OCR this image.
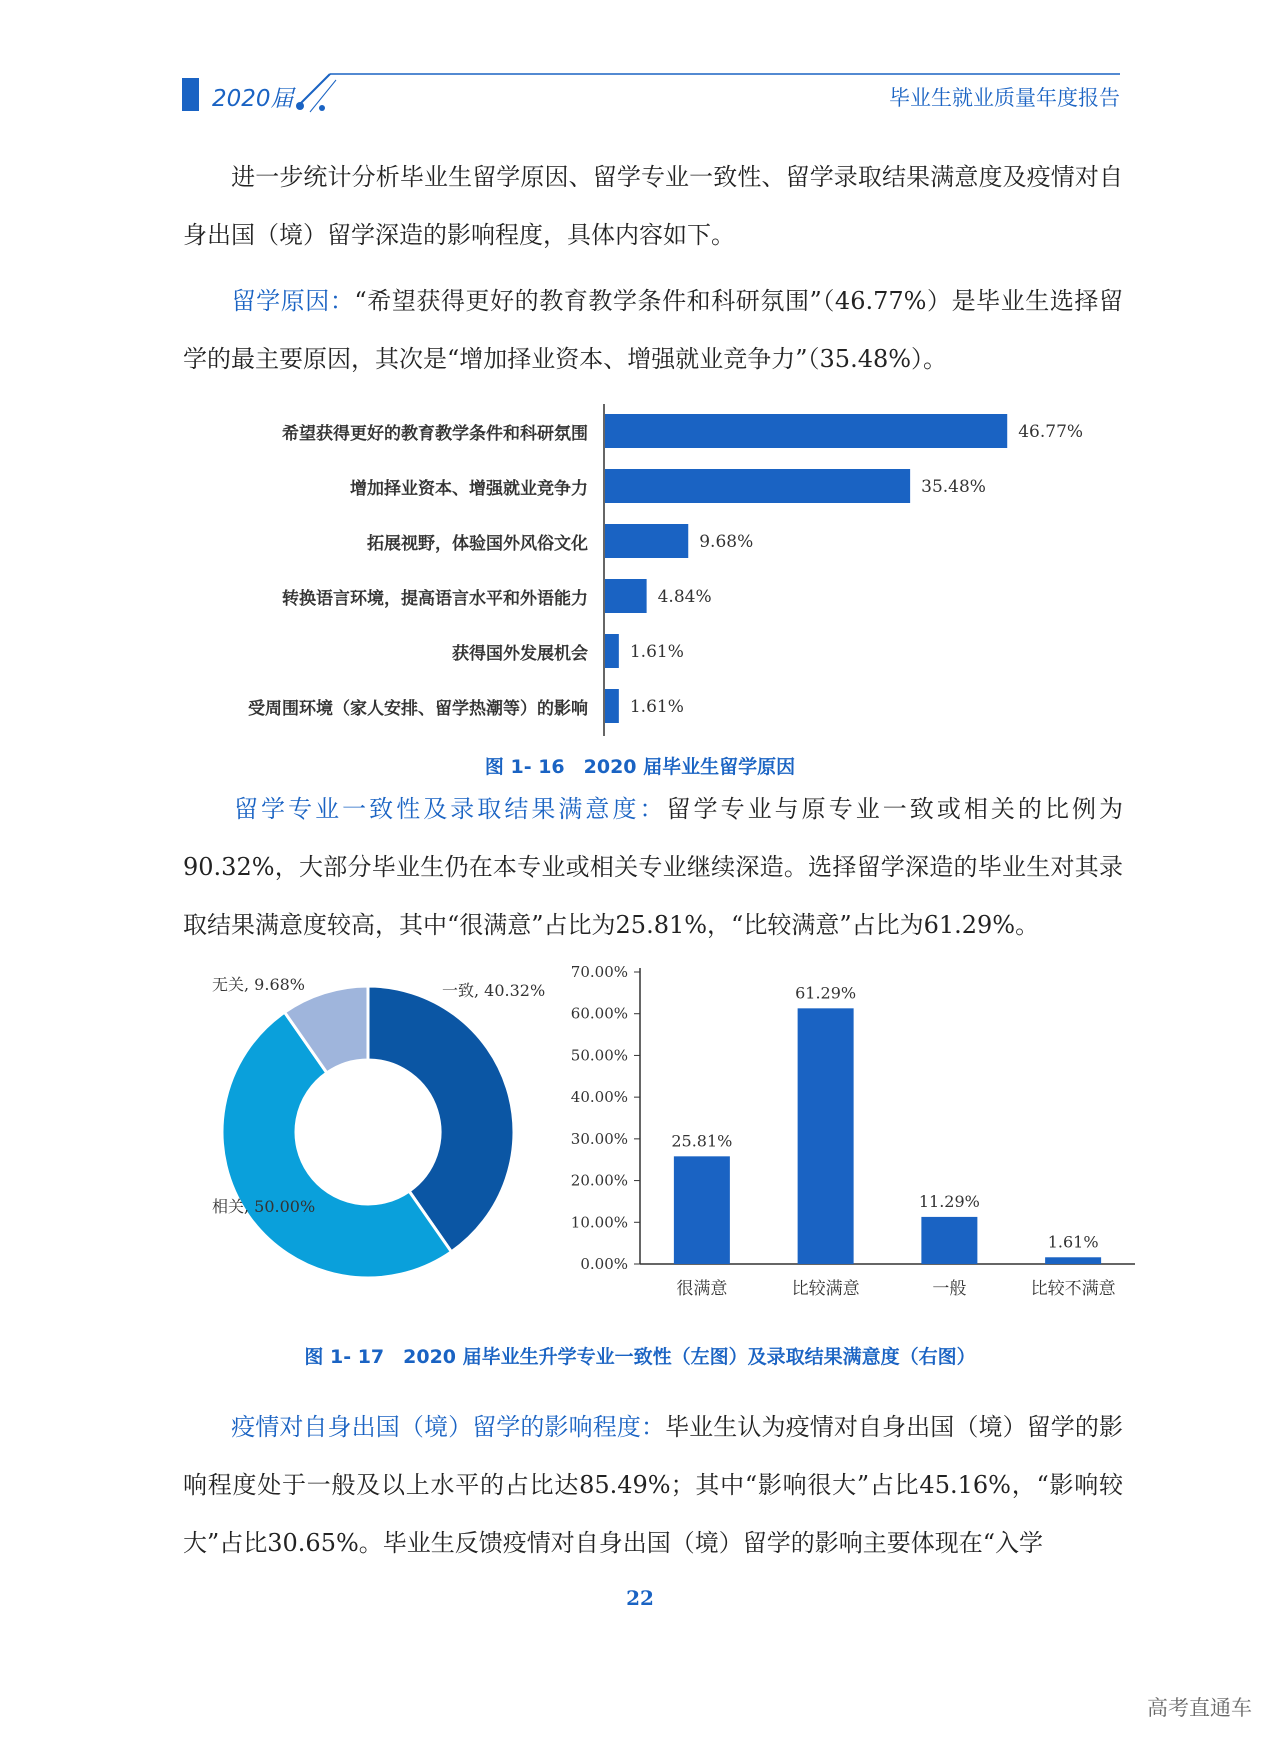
2020届	毕业生就业质量年度报告
进一步统计分析毕业生留学原因、留学专业一致性、留学录取结果满意度及疫情对自身出国（境）留学深造的影响程度，具体内容如下。
留学原因：“希望获得更好的教育教学条件和科研氛围”（46.77%）是毕业生选择留学的最主要原因，其次是“增加择业资本、增强就业竞争力”（35.48%）。
希望获得更好的教育教学条件和科研氛围
增加择业资本、增强就业竞争力
拓展视野，体验国外风俗文化
转换语言环境，提高语言水平和外语能力
获得国外发展机会
受周围环境（家人安排、留学热潮等）的影响
46.77%
35.48%
9.68%
4.84%
1.61%
1.61%
图 1- 16　2020 届毕业生留学原因
留学专业一致性及录取结果满意度：留学专业与原专业一致或相关的比例为90.32%，大部分毕业生仍在本专业或相关专业继续深造。选择留学深造的毕业生对其录取结果满意度较高，其中“很满意”占比为25.81%，“比较满意”占比为61.29%。
一致, 40.32%
相关, 50.00%
无关, 9.68%
0.00%
10.00%
20.00%
30.00%
40.00%
50.00%
60.00%
70.00%
25.81%
很满意
61.29%
比较满意
11.29%
一般
1.61%
比较不满意
图 1- 17　2020 届毕业生升学专业一致性（左图）及录取结果满意度（右图）
疫情对自身出国（境）留学的影响程度：毕业生认为疫情对自身出国（境）留学的影响程度处于一般及以上水平的占比达85.49%；其中“影响很大”占比45.16%，“影响较大”占比30.65%。毕业生反馈疫情对自身出国（境）留学的影响主要体现在“入学
22
高考直通车
